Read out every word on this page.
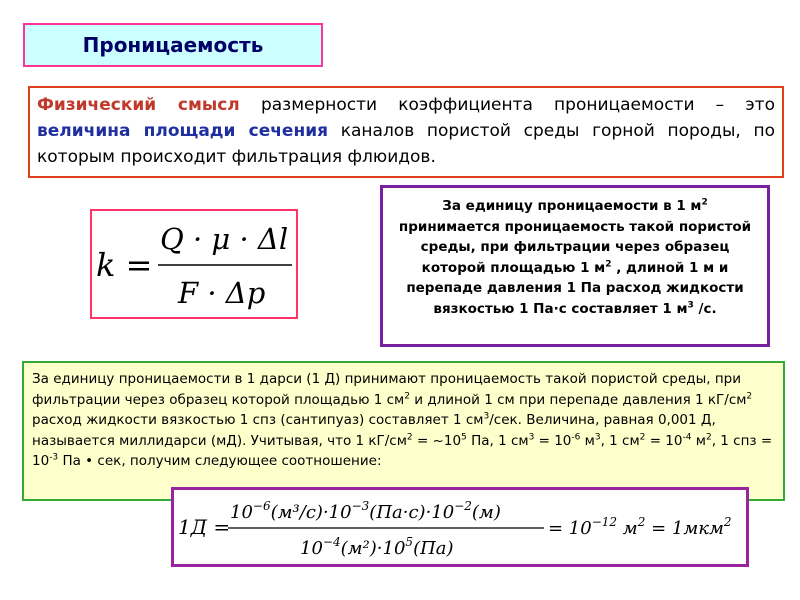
Проницаемость
Физический смысл размерности коэффициента проницаемости – это величина площади сечения каналов пористой среды горной породы, по которым происходит фильтрация флюидов.
k =
Q · μ · Δl
F · Δp
За единицу проницаемости в 1 $м^2$ принимается проницаемость такой пористой среды, при фильтрации через образец которой площадью 1 $м^2$ , длиной 1 м и перепаде давления 1 Па расход жидкости вязкостью 1 Па·с составляет 1 $м^3$ /с.
За единицу проницаемости в 1 дарси (1 Д) принимают проницаемость такой пористой среды, при фильтрации через образец которой площадью 1 $см^2$ и длиной 1 см при перепаде давления 1 $кГ/см^2$ расход жидкости вязкостью 1 спз (сантипуаз) составляет 1 $см^3$/сек. Величина, равная 0,001 Д, называется миллидарси (мД). Учитывая, что 1 $кГ/см^2$ = $\sim 10^5$ Па, 1 $см^3 = 10^{-6}$ $м^3$, 1 $см^2 = 10^{-4}$ $м^2$, 1 спз = $10^{-3}$ Па • сек, получим следующее соотношение:
1Д =
$10^{-6}(м^3/с)\cdot 10^{-3}(Па\cdot с)\cdot 10^{-2}(м)$
$10^{-4}(м^2)\cdot 10^5(Па)$
= $10^{-12}$ $м^2 = 1мкм^2$
